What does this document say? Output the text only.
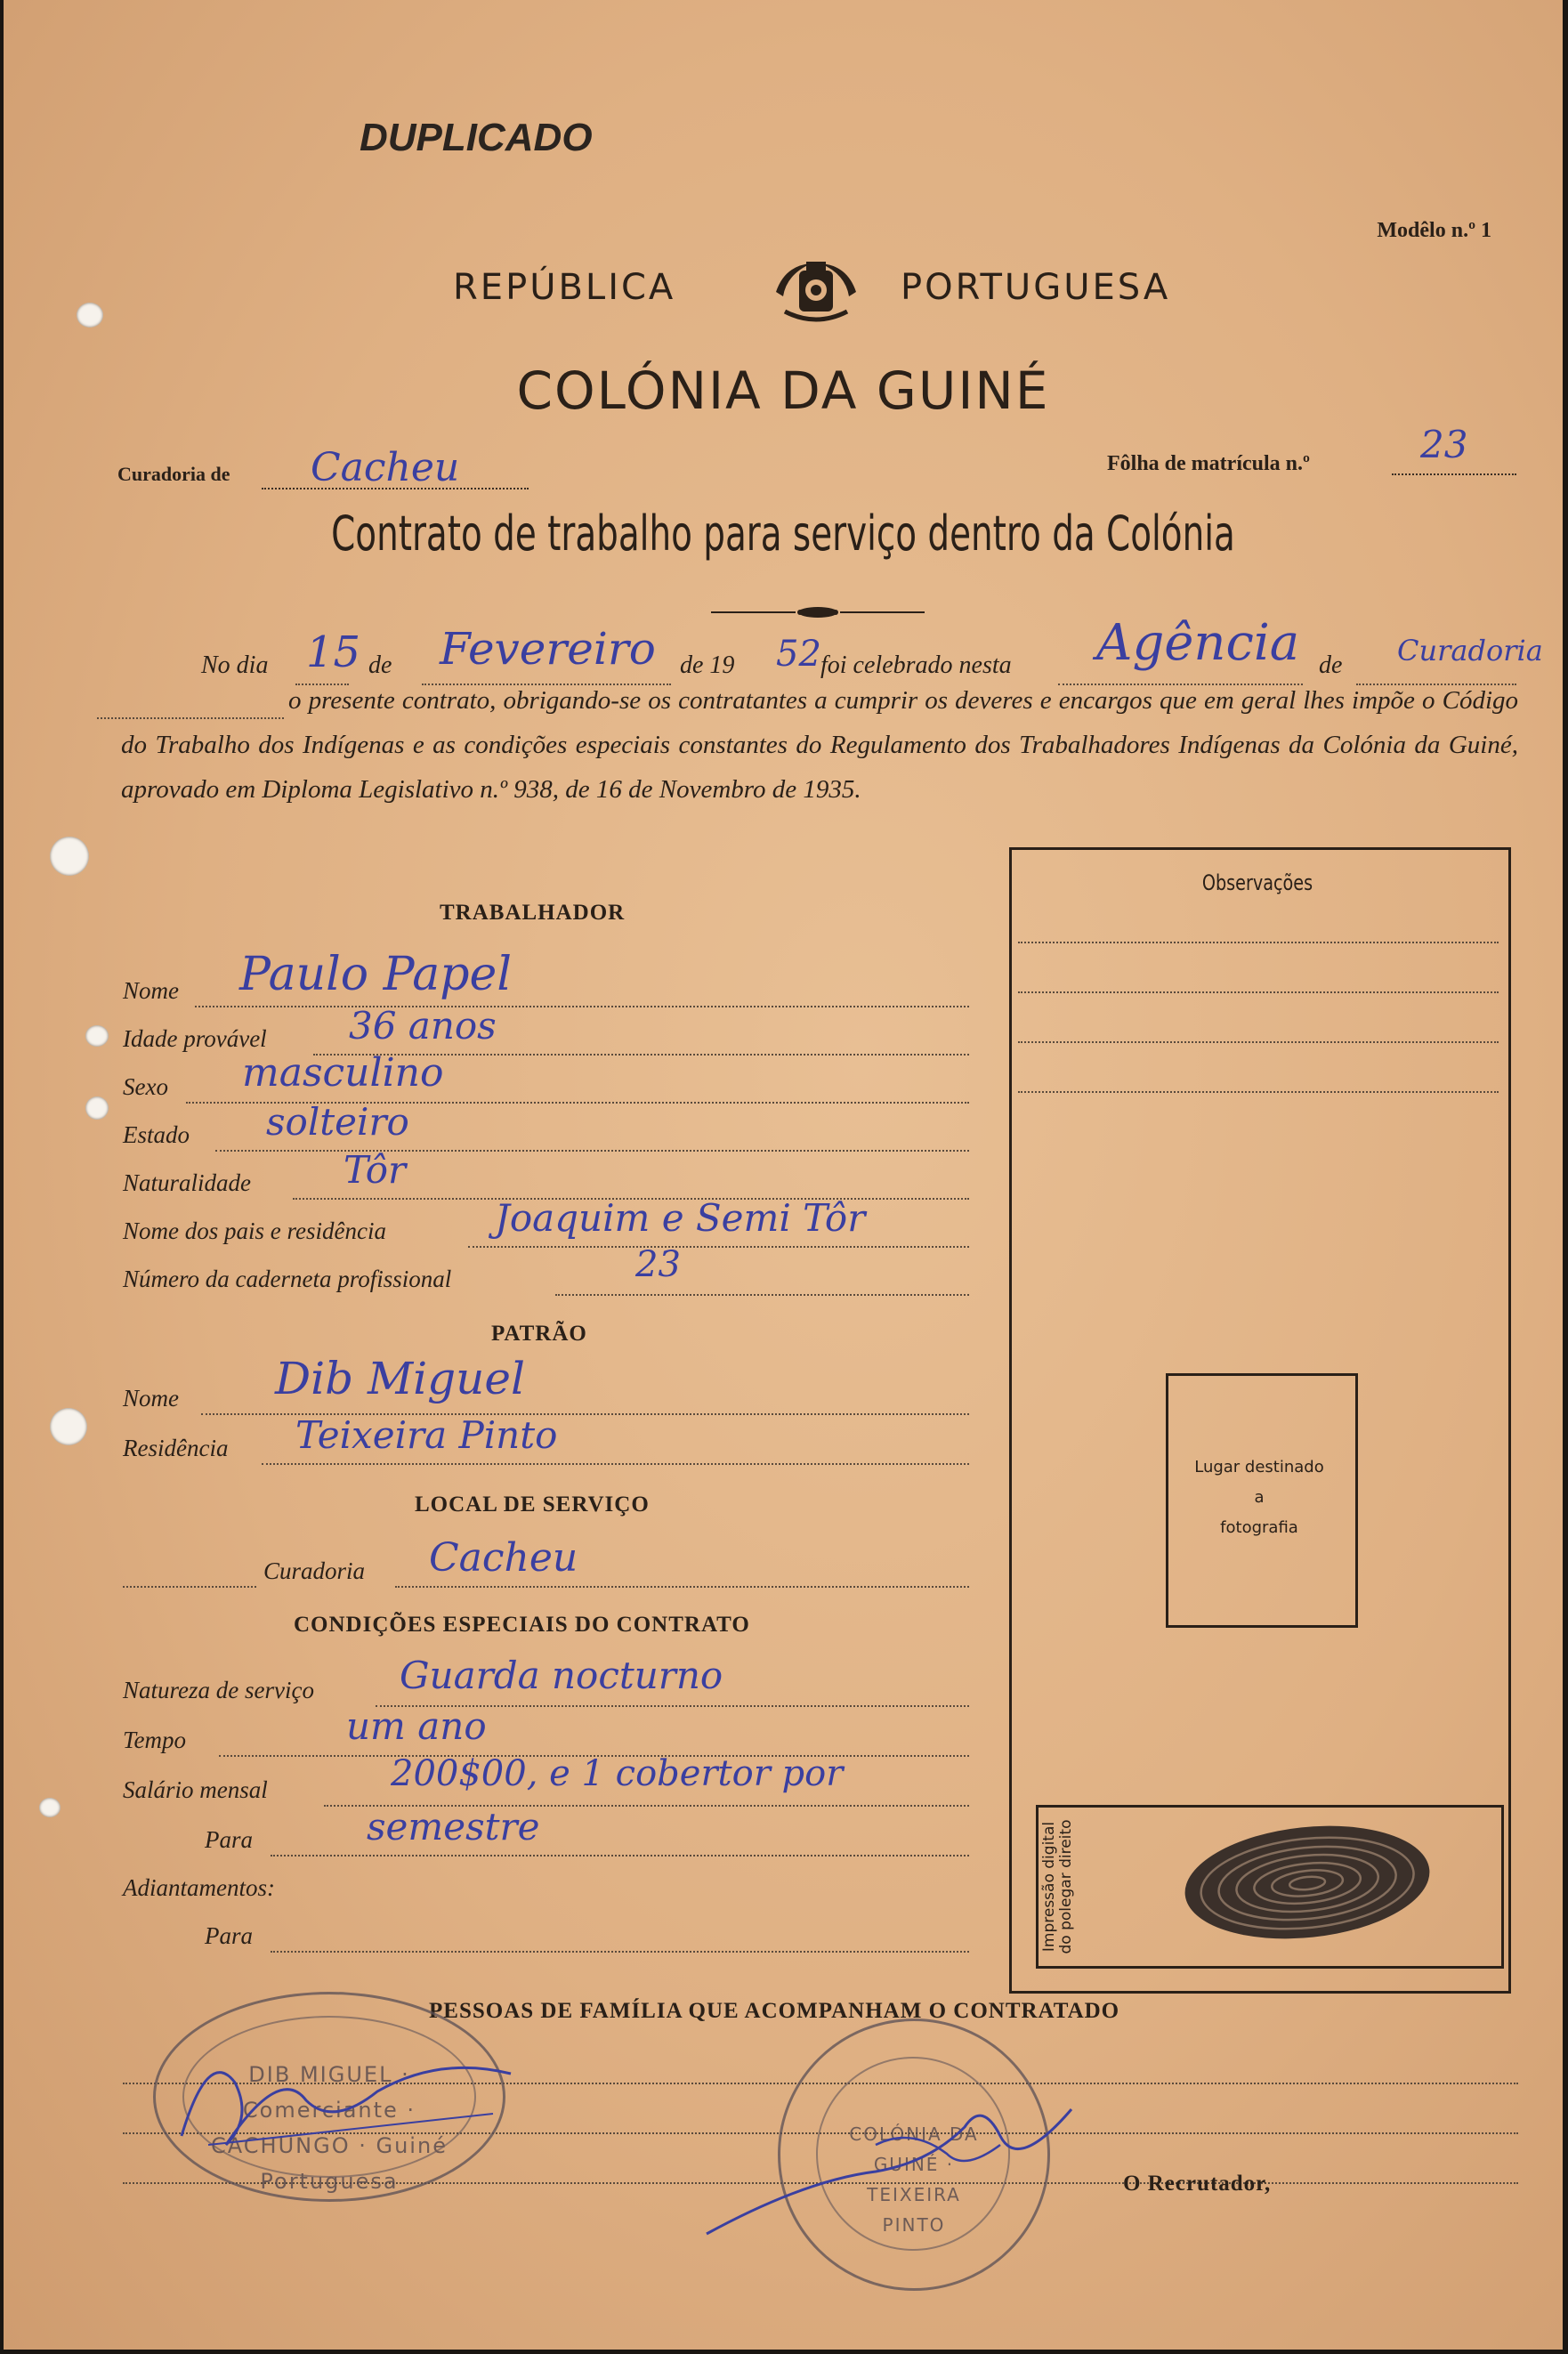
DUPLICADO
Modêlo n.º 1
REPÚBLICA	PORTUGUESA
COLÓNIA DA GUINÉ
Curadoria de Cacheu	Fôlha de matrícula n.º	23
Contrato de trabalho para serviço dentro da Colónia
No dia 15 de Fevereiro de 19 52 foi celebrado nesta Agência de Curadoria

o presente contrato, obrigando-se os contratantes a cumprir os deveres e encargos que em geral lhes impõe o Código do Trabalho dos Indígenas e as condições especiais constantes do Regulamento dos Trabalhadores Indígenas da Colónia da Guiné, aprovado em Diploma Legislativo n.º 938, de 16 de Novembro de 1935.

Observações
Lugar destinado
a
fotografia
Impressão digital do polegar direito
TRABALHADOR
Nome Paulo Papel
Idade provável 36 anos
Sexo masculino
Estado solteiro
Naturalidade Tôr
Nome dos pais e residência	Joaquim e Semi Tôr
Número da caderneta profissional	23
PATRÃO
Nome Dib Miguel
Residência Teixeira Pinto
LOCAL DE SERVIÇO
Curadoria Cacheu
CONDIÇÕES ESPECIAIS DO CONTRATO
Natureza de serviço Guarda nocturno
Tempo	um ano
Salário mensal	200$00, e 1 cobertor por
Para	semestre
Adiantamentos:
Para
PESSOAS DE FAMÍLIA QUE ACOMPANHAM O CONTRATADO
O Recrutador,
DIB MIGUEL · Comerciante · CACHUNGO · Guiné Portuguesa
COLÓNIA DA GUINÉ · TEIXEIRA PINTO
